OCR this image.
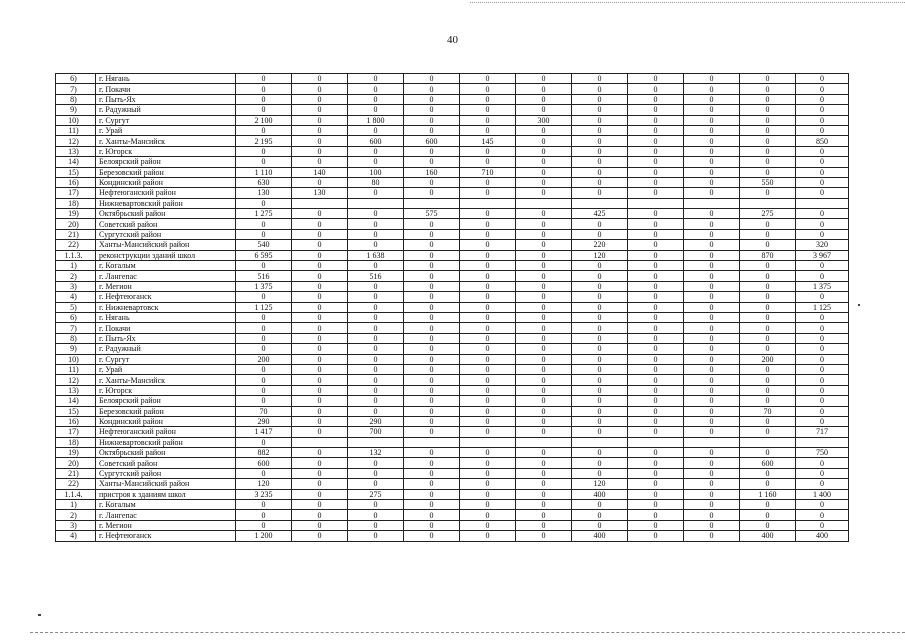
40
6)	г. Нягань	0	0	0	0	0	0	0	0	0	0	0
7)	г. Покачи	0	0	0	0	0	0	0	0	0	0	0
8)	г. Пыть-Ях	0	0	0	0	0	0	0	0	0	0	0
9)	г. Радужный	0	0	0	0	0	0	0	0	0	0	0
10)	г. Сургут	2 100	0	1 800	0	0	300	0	0	0	0	0
11)	г. Урай	0	0	0	0	0	0	0	0	0	0	0
12)	г. Ханты-Мансийск	2 195	0	600	600	145	0	0	0	0	0	850
13)	г. Югорск	0	0	0	0	0	0	0	0	0	0	0
14)	Белоярский район	0	0	0	0	0	0	0	0	0	0	0
15)	Березовский район	1 110	140	100	160	710	0	0	0	0	0	0
16)	Кондинский район	630	0	80	0	0	0	0	0	0	550	0
17)	Нефтеюганский район	130	130	0	0	0	0	0	0	0	0	0
18)	Нижневартовский район	0										
19)	Октябрьский район	1 275	0	0	575	0	0	425	0	0	275	0
20)	Советский район	0	0	0	0	0	0	0	0	0	0	0
21)	Сургутский район	0	0	0	0	0	0	0	0	0	0	0
22)	Ханты-Мансийский район	540	0	0	0	0	0	220	0	0	0	320
1.1.3.	реконструкции зданий школ	6 595	0	1 638	0	0	0	120	0	0	870	3 967
1)	г. Когалым	0	0	0	0	0	0	0	0	0	0	0
2)	г. Лангепас	516	0	516	0	0	0	0	0	0	0	0
3)	г. Мегион	1 375	0	0	0	0	0	0	0	0	0	1 375
4)	г. Нефтеюганск	0	0	0	0	0	0	0	0	0	0	0
5)	г. Нижневартовск	1 125	0	0	0	0	0	0	0	0	0	1 125
6)	г. Нягань	0	0	0	0	0	0	0	0	0	0	0
7)	г. Покачи	0	0	0	0	0	0	0	0	0	0	0
8)	г. Пыть-Ях	0	0	0	0	0	0	0	0	0	0	0
9)	г. Радужный	0	0	0	0	0	0	0	0	0	0	0
10)	г. Сургут	200	0	0	0	0	0	0	0	0	200	0
11)	г. Урай	0	0	0	0	0	0	0	0	0	0	0
12)	г. Ханты-Мансийск	0	0	0	0	0	0	0	0	0	0	0
13)	г. Югорск	0	0	0	0	0	0	0	0	0	0	0
14)	Белоярский район	0	0	0	0	0	0	0	0	0	0	0
15)	Березовский район	70	0	0	0	0	0	0	0	0	70	0
16)	Кондинский район	290	0	290	0	0	0	0	0	0	0	0
17)	Нефтеюганский район	1 417	0	700	0	0	0	0	0	0	0	717
18)	Нижневартовский район	0										
19)	Октябрьский район	882	0	132	0	0	0	0	0	0	0	750
20)	Советский район	600	0	0	0	0	0	0	0	0	600	0
21)	Сургутский район	0	0	0	0	0	0	0	0	0	0	0
22)	Ханты-Мансийский район	120	0	0	0	0	0	120	0	0	0	0
1.1.4.	пристроя к зданиям школ	3 235	0	275	0	0	0	400	0	0	1 160	1 400
1)	г. Когалым	0	0	0	0	0	0	0	0	0	0	0
2)	г. Лангепас	0	0	0	0	0	0	0	0	0	0	0
3)	г. Мегион	0	0	0	0	0	0	0	0	0	0	0
4)	г. Нефтеюганск	1 200	0	0	0	0	0	400	0	0	400	400
